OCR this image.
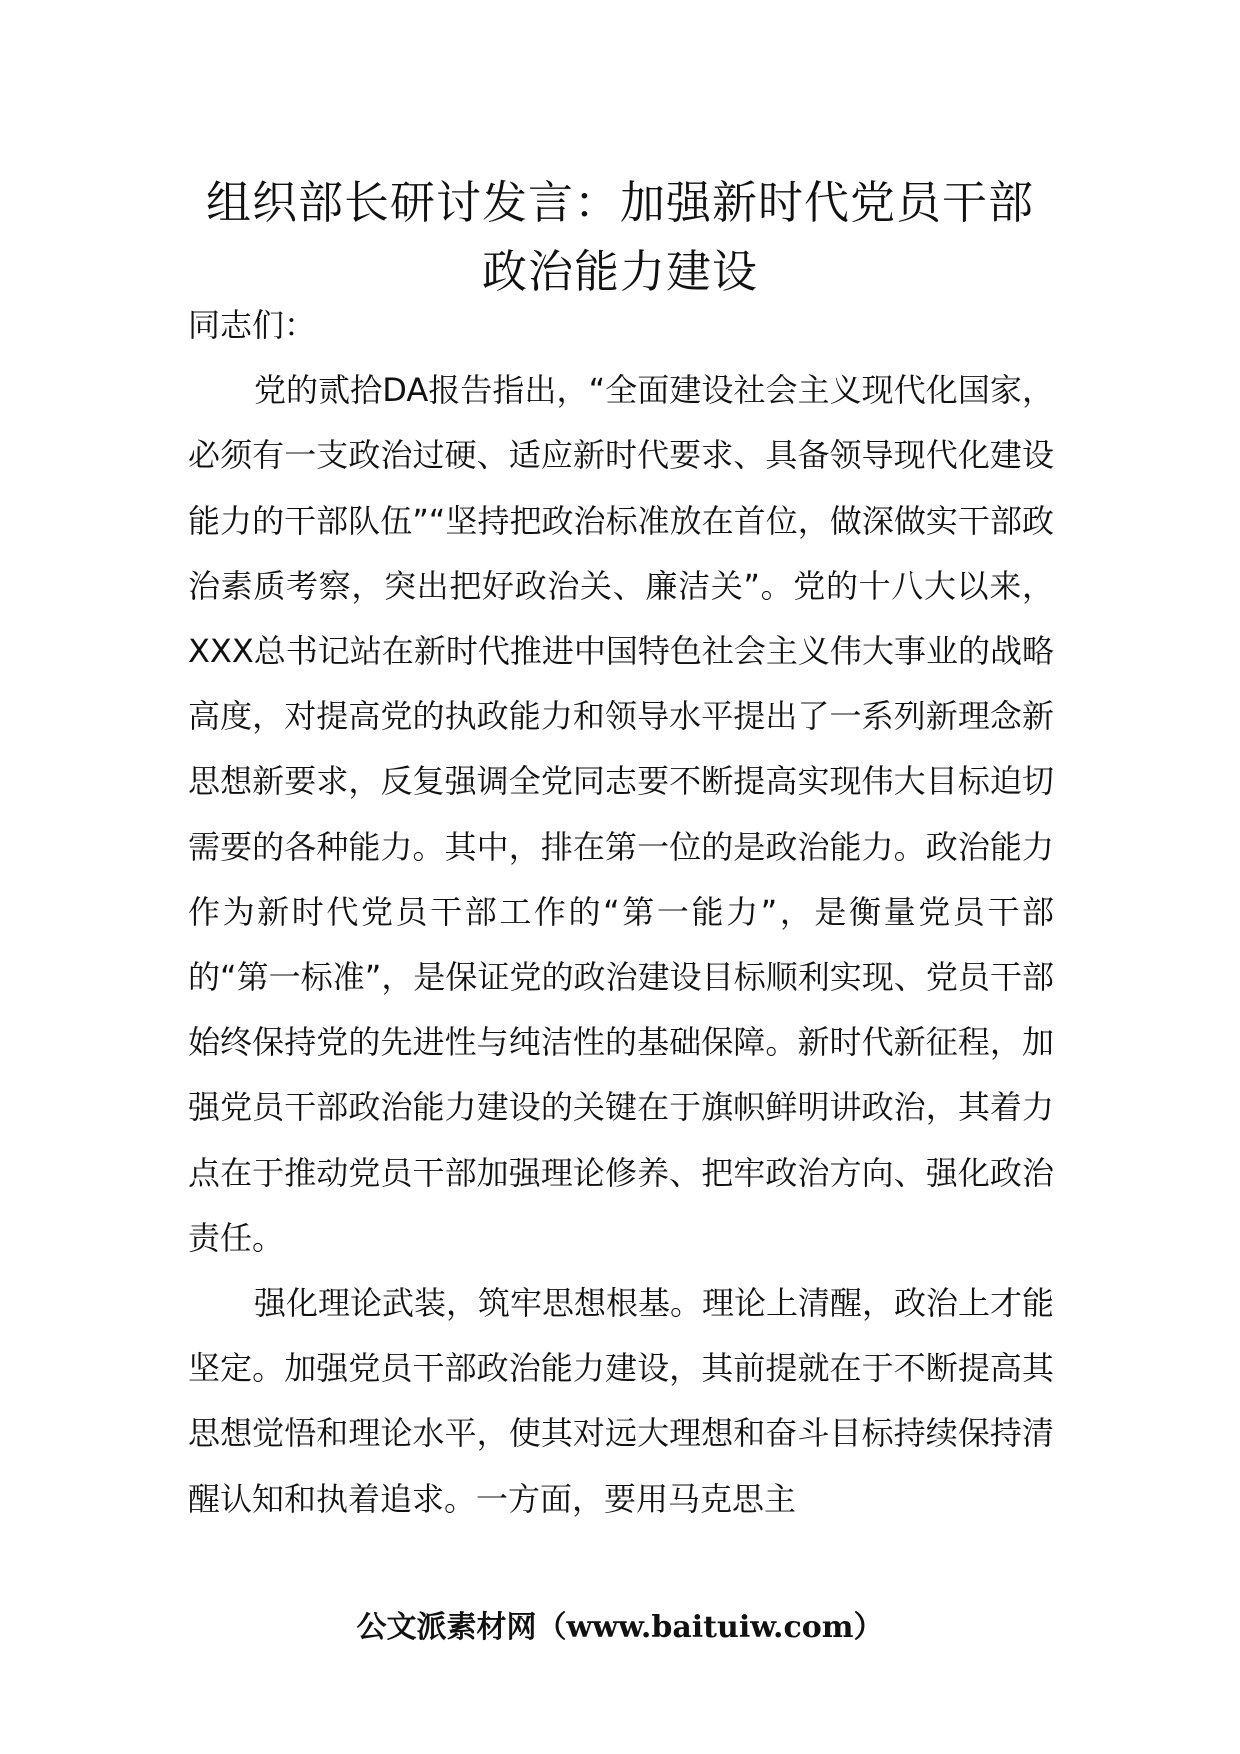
组织部长研讨发言：加强新时代党员干部
政治能力建设

同志们：

党的贰拾DA报告指出，“全面建设社会主义现代化国家，必须有一支政治过硬、适应新时代要求、具备领导现代化建设能力的干部队伍”“坚持把政治标准放在首位，做深做实干部政治素质考察，突出把好政治关、廉洁关”。党的十八大以来，XXX总书记站在新时代推进中国特色社会主义伟大事业的战略高度，对提高党的执政能力和领导水平提出了一系列新理念新思想新要求，反复强调全党同志要不断提高实现伟大目标迫切需要的各种能力。其中，排在第一位的是政治能力。政治能力作为新时代党员干部工作的“第一能力”，是衡量党员干部的“第一标准”，是保证党的政治建设目标顺利实现、党员干部始终保持党的先进性与纯洁性的基础保障。新时代新征程，加强党员干部政治能力建设的关键在于旗帜鲜明讲政治，其着力点在于推动党员干部加强理论修养、把牢政治方向、强化政治责任。

强化理论武装，筑牢思想根基。理论上清醒，政治上才能坚定。加强党员干部政治能力建设，其前提就在于不断提高其思想觉悟和理论水平，使其对远大理想和奋斗目标持续保持清醒认知和执着追求。一方面，要用马克思主

公文派素材网（www.baituiw.com）
